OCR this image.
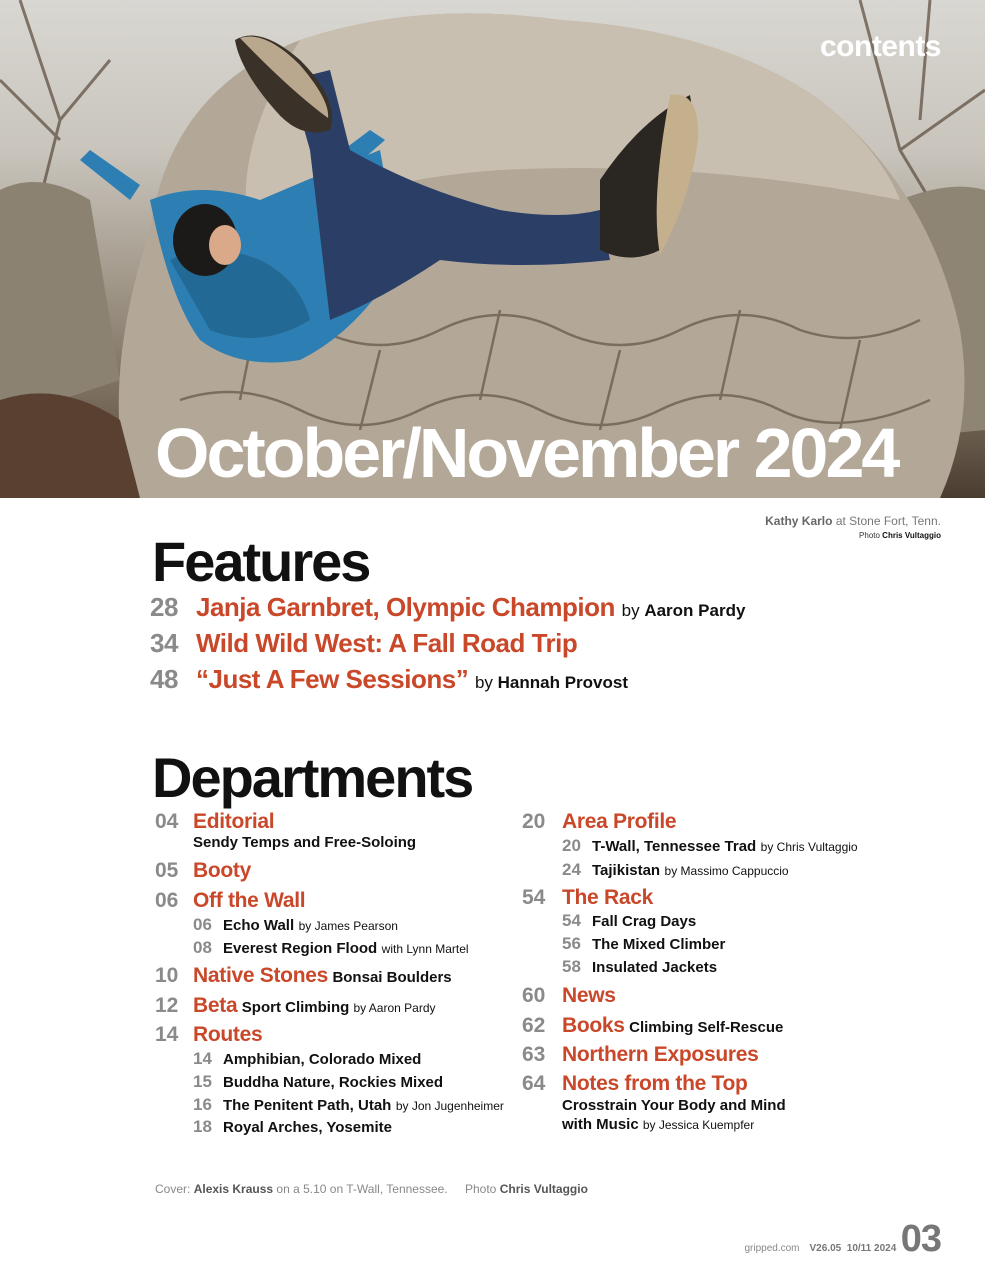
contents
October/November 2024
Kathy Karlo at Stone Fort, Tenn.
Photo Chris Vultaggio
Features
28 Janja Garnbret, Olympic Champion by Aaron Pardy
34 Wild Wild West: A Fall Road Trip
48 “Just A Few Sessions” by Hannah Provost
Departments
04 Editorial
Sendy Temps and Free-Soloing
05 Booty
06 Off the Wall
06 Echo Wall by James Pearson
08 Everest Region Flood with Lynn Martel
10 Native Stones Bonsai Boulders
12 Beta Sport Climbing by Aaron Pardy
14 Routes
14 Amphibian, Colorado Mixed
15 Buddha Nature, Rockies Mixed
16 The Penitent Path, Utah by Jon Jugenheimer
18 Royal Arches, Yosemite
20 Area Profile
20 T-Wall, Tennessee Trad by Chris Vultaggio
24 Tajikistan by Massimo Cappuccio
54 The Rack
54 Fall Crag Days
56 The Mixed Climber
58 Insulated Jackets
60 News
62 Books Climbing Self-Rescue
63 Northern Exposures
64 Notes from the Top
Crosstrain Your Body and Mind
with Music by Jessica Kuempfer
Cover: Alexis Krauss on a 5.10 on T-Wall, Tennessee. Photo Chris Vultaggio
gripped.com V26.05 10/11 2024 03
